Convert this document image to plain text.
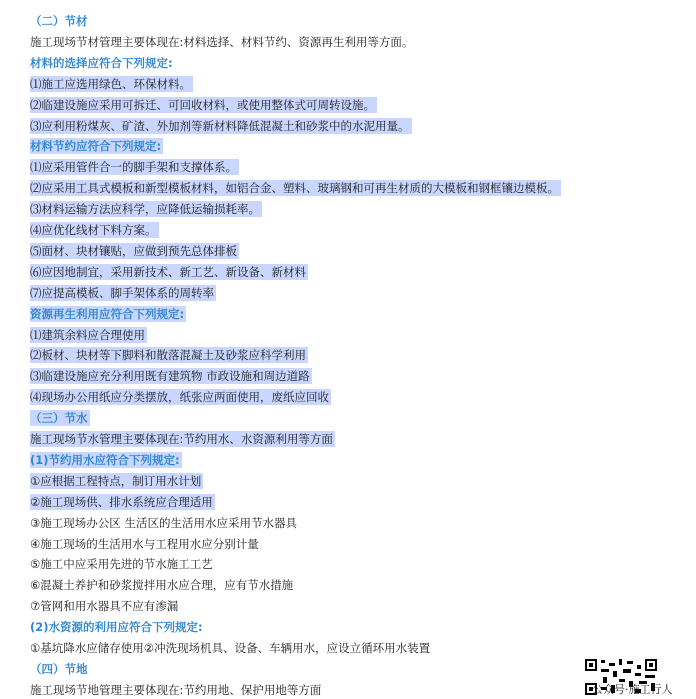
（二）节材
施工现场节材管理主要体现在:材料选择、材料节约、资源再生利用等方面。
材料的选择应符合下列规定:
⑴施工应选用绿色、环保材料。
⑵临建设施应采用可拆迁、可回收材料，或使用整体式可周转设施。
⑶应利用粉煤灰、矿渣、外加剂等新材料降低混凝土和砂浆中的水泥用量。
材料节约应符合下列规定:
⑴应采用管件合一的脚手架和支撑体系。
⑵应采用工具式模板和新型模板材料，如铝合金、塑料、玻璃钢和可再生材质的大模板和钢框镶边模板。
⑶材料运输方法应科学，应降低运输损耗率。
⑷应优化线材下料方案。
⑸面材、块材镶贴，应做到预先总体排板
⑹应因地制宜，采用新技术、新工艺、新设备、新材料
⑺应提高模板、脚手架体系的周转率
资源再生利用应符合下列规定:
⑴建筑余料应合理使用
⑵板材、块材等下脚料和散落混凝土及砂浆应科学利用
⑶临建设施应充分利用既有建筑物 市政设施和周边道路
⑷现场办公用纸应分类摆放，纸张应两面使用，废纸应回收
（三）节水
施工现场节水管理主要体现在:节约用水、水资源利用等方面
(1)节约用水应符合下列规定:
①应根据工程特点，制订用水计划
②施工现场供、排水系统应合理适用
③施工现场办公区 生活区的生活用水应采用节水器具
④施工现场的生活用水与工程用水应分别计量
⑤施工中应采用先进的节水施工工艺
⑥混凝土养护和砂浆搅拌用水应合理，应有节水措施
⑦管网和用水器具不应有渗漏
(2)水资源的利用应符合下列规定:
①基坑降水应储存使用②冲洗现场机具、设备、车辆用水，应设立循环用水装置
（四）节地
施工现场节地管理主要体现在:节约用地、保护用地等方面	公众号·施工行人
